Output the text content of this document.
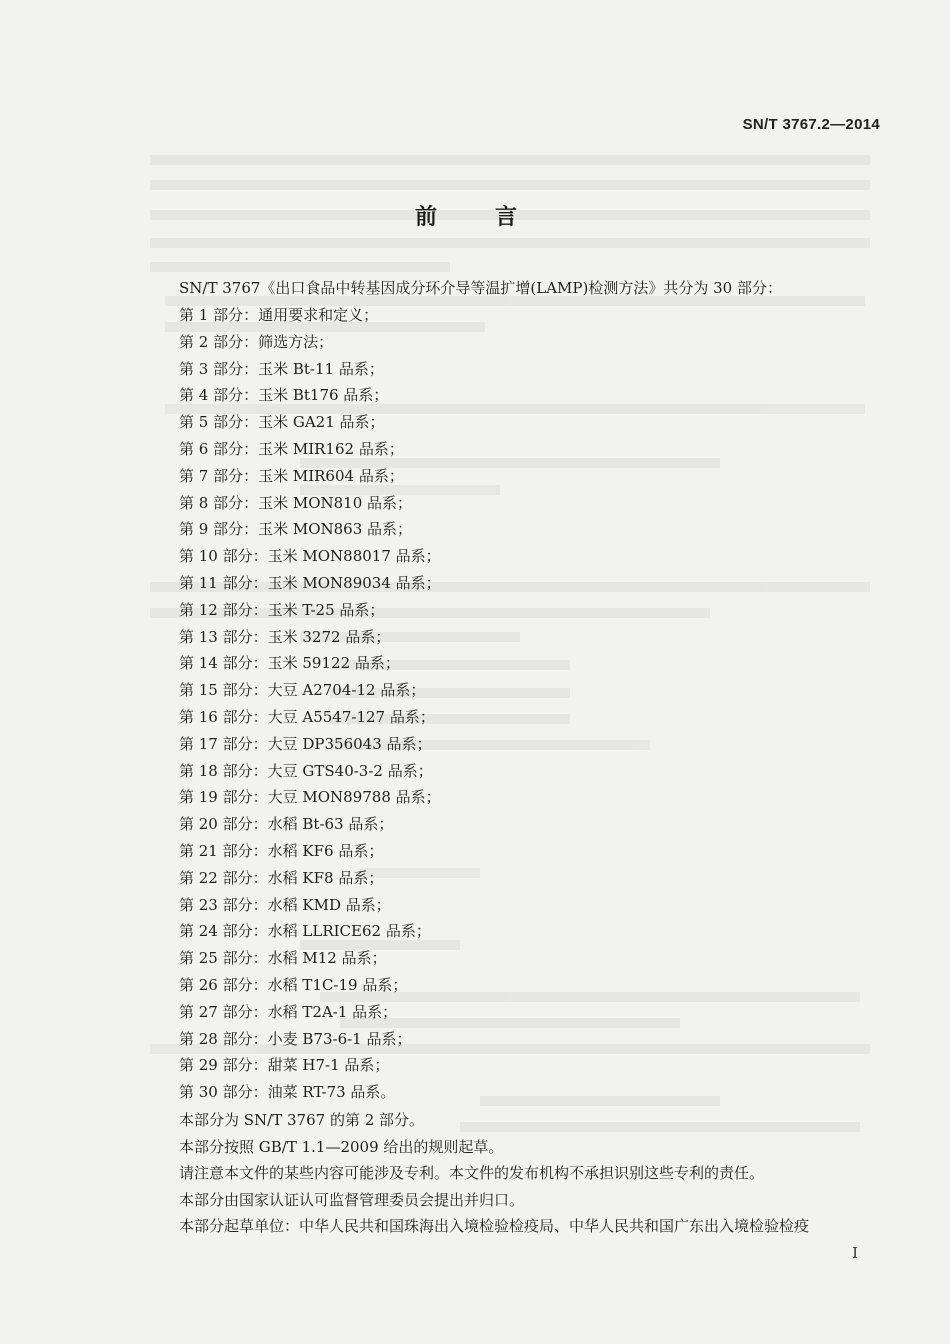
SN/T 3767.2—2014
前　言
SN/T 3767《出口食品中转基因成分环介导等温扩增(LAMP)检测方法》共分为 30 部分：
第 1 部分：通用要求和定义；
第 2 部分：筛选方法；
第 3 部分：玉米 Bt-11 品系；
第 4 部分：玉米 Bt176 品系；
第 5 部分：玉米 GA21 品系；
第 6 部分：玉米 MIR162 品系；
第 7 部分：玉米 MIR604 品系；
第 8 部分：玉米 MON810 品系；
第 9 部分：玉米 MON863 品系；
第 10 部分：玉米 MON88017 品系；
第 11 部分：玉米 MON89034 品系；
第 12 部分：玉米 T-25 品系；
第 13 部分：玉米 3272 品系；
第 14 部分：玉米 59122 品系；
第 15 部分：大豆 A2704-12 品系；
第 16 部分：大豆 A5547-127 品系；
第 17 部分：大豆 DP356043 品系；
第 18 部分：大豆 GTS40-3-2 品系；
第 19 部分：大豆 MON89788 品系；
第 20 部分：水稻 Bt-63 品系；
第 21 部分：水稻 KF6 品系；
第 22 部分：水稻 KF8 品系；
第 23 部分：水稻 KMD 品系；
第 24 部分：水稻 LLRICE62 品系；
第 25 部分：水稻 M12 品系；
第 26 部分：水稻 T1C-19 品系；
第 27 部分：水稻 T2A-1 品系；
第 28 部分：小麦 B73-6-1 品系；
第 29 部分：甜菜 H7-1 品系；
第 30 部分：油菜 RT-73 品系。
本部分为 SN/T 3767 的第 2 部分。
本部分按照 GB/T 1.1—2009 给出的规则起草。
请注意本文件的某些内容可能涉及专利。本文件的发布机构不承担识别这些专利的责任。
本部分由国家认证认可监督管理委员会提出并归口。
本部分起草单位：中华人民共和国珠海出入境检验检疫局、中华人民共和国广东出入境检验检疫
I
